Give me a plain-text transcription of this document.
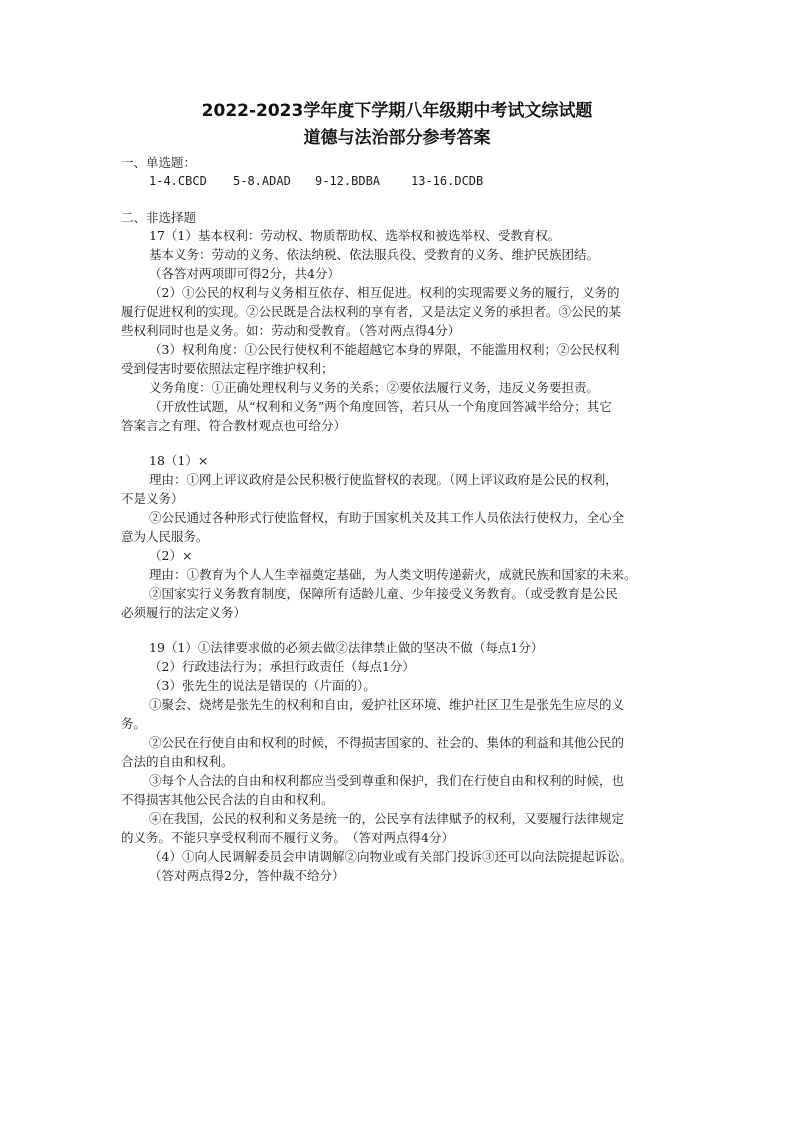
2022-2023学年度下学期八年级期中考试文综试题
道德与法治部分参考答案
一、单选题：
1-4.CBCD 5-8.ADAD 9-12.BDBA	13-16.DCDB
二、非选择题
17（1）基本权利：劳动权、物质帮助权、选举权和被选举权、受教育权。
基本义务：劳动的义务、依法纳税、依法服兵役、受教育的义务、维护民族团结。
（各答对两项即可得2分，共4分）
（2）①公民的权利与义务相互依存、相互促进。权利的实现需要义务的履行，义务的
履行促进权利的实现。②公民既是合法权利的享有者，又是法定义务的承担者。③公民的某
些权利同时也是义务。如：劳动和受教育。（答对两点得4分）
（3）权利角度：①公民行使权利不能超越它本身的界限，不能滥用权利；②公民权利
受到侵害时要依照法定程序维护权利；
义务角度：①正确处理权利与义务的关系；②要依法履行义务，违反义务要担责。
（开放性试题，从“权利和义务”两个角度回答，若只从一个角度回答减半给分；其它
答案言之有理、符合教材观点也可给分）
18（1）×
理由：①网上评议政府是公民积极行使监督权的表现。（网上评议政府是公民的权利，
不是义务）
②公民通过各种形式行使监督权，有助于国家机关及其工作人员依法行使权力，全心全
意为人民服务。
（2）×
理由：①教育为个人人生幸福奠定基础，为人类文明传递薪火，成就民族和国家的未来。
②国家实行义务教育制度，保障所有适龄儿童、少年接受义务教育。（或受教育是公民
必须履行的法定义务）
19（1）①法律要求做的必须去做②法律禁止做的坚决不做（每点1分）
（2）行政违法行为；承担行政责任（每点1分）
（3）张先生的说法是错误的（片面的）。
①聚会、烧烤是张先生的权利和自由，爱护社区环境、维护社区卫生是张先生应尽的义
务。
②公民在行使自由和权利的时候，不得损害国家的、社会的、集体的利益和其他公民的
合法的自由和权利。
③每个人合法的自由和权利都应当受到尊重和保护，我们在行使自由和权利的时候，也
不得损害其他公民合法的自由和权利。
④在我国，公民的权利和义务是统一的，公民享有法律赋予的权利，又要履行法律规定
的义务。不能只享受权利而不履行义务。　（答对两点得4分）
（4）①向人民调解委员会申请调解②向物业或有关部门投诉③还可以向法院提起诉讼。
（答对两点得2分，答仲裁不给分）
